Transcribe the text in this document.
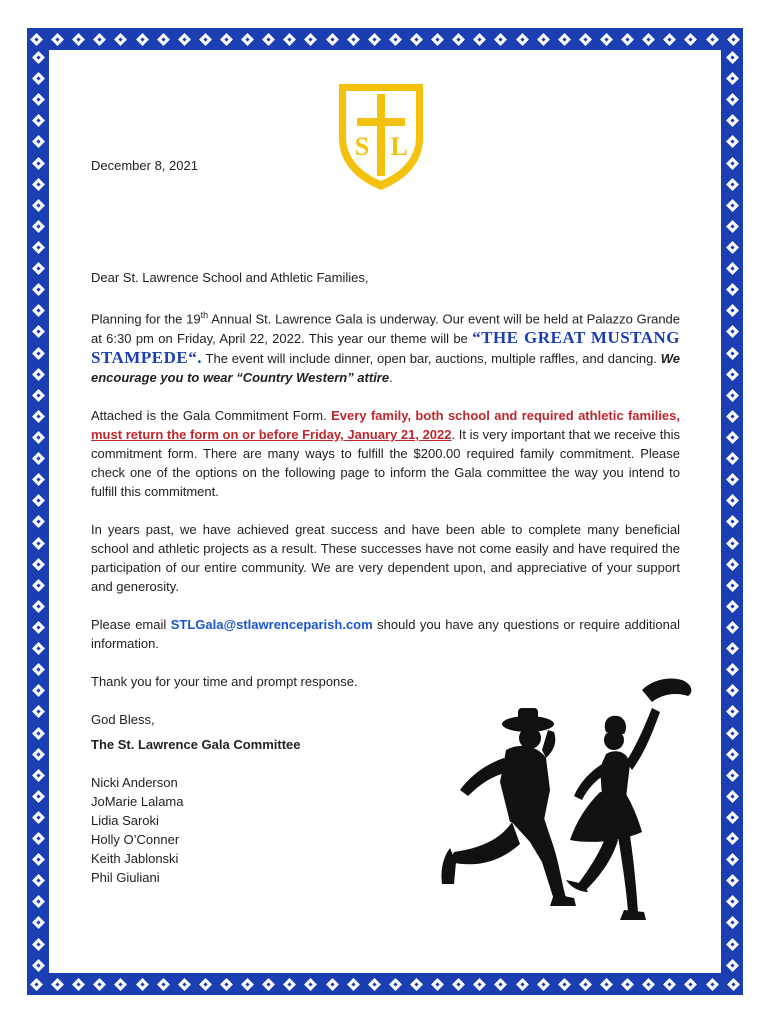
S L
December 8, 2021

Dear St. Lawrence School and Athletic Families,

Planning for the 19th Annual St. Lawrence Gala is underway. Our event will be held at Palazzo Grande at 6:30 pm on Friday, April 22, 2022. This year our theme will be “THE GREAT MUSTANG STAMPEDE“. The event will include dinner, open bar, auctions, multiple raffles, and dancing. We encourage you to wear “Country Western” attire.

Attached is the Gala Commitment Form. Every family, both school and required athletic families, must return the form on or before Friday, January 21, 2022. It is very important that we receive this commitment form. There are many ways to fulfill the $200.00 required family commitment. Please check one of the options on the following page to inform the Gala committee the way you intend to fulfill this commitment.

In years past, we have achieved great success and have been able to complete many beneficial school and athletic projects as a result. These successes have not come easily and have required the participation of our entire community. We are very dependent upon, and appreciative of your support and generosity.

Please email STLGala@stlawrenceparish.com should you have any questions or require additional information.

Thank you for your time and prompt response.

God Bless,
The St. Lawrence Gala Committee
Nicki Anderson
JoMarie Lalama
Lidia Saroki
Holly O’Conner
Keith Jablonski
Phil Giuliani
